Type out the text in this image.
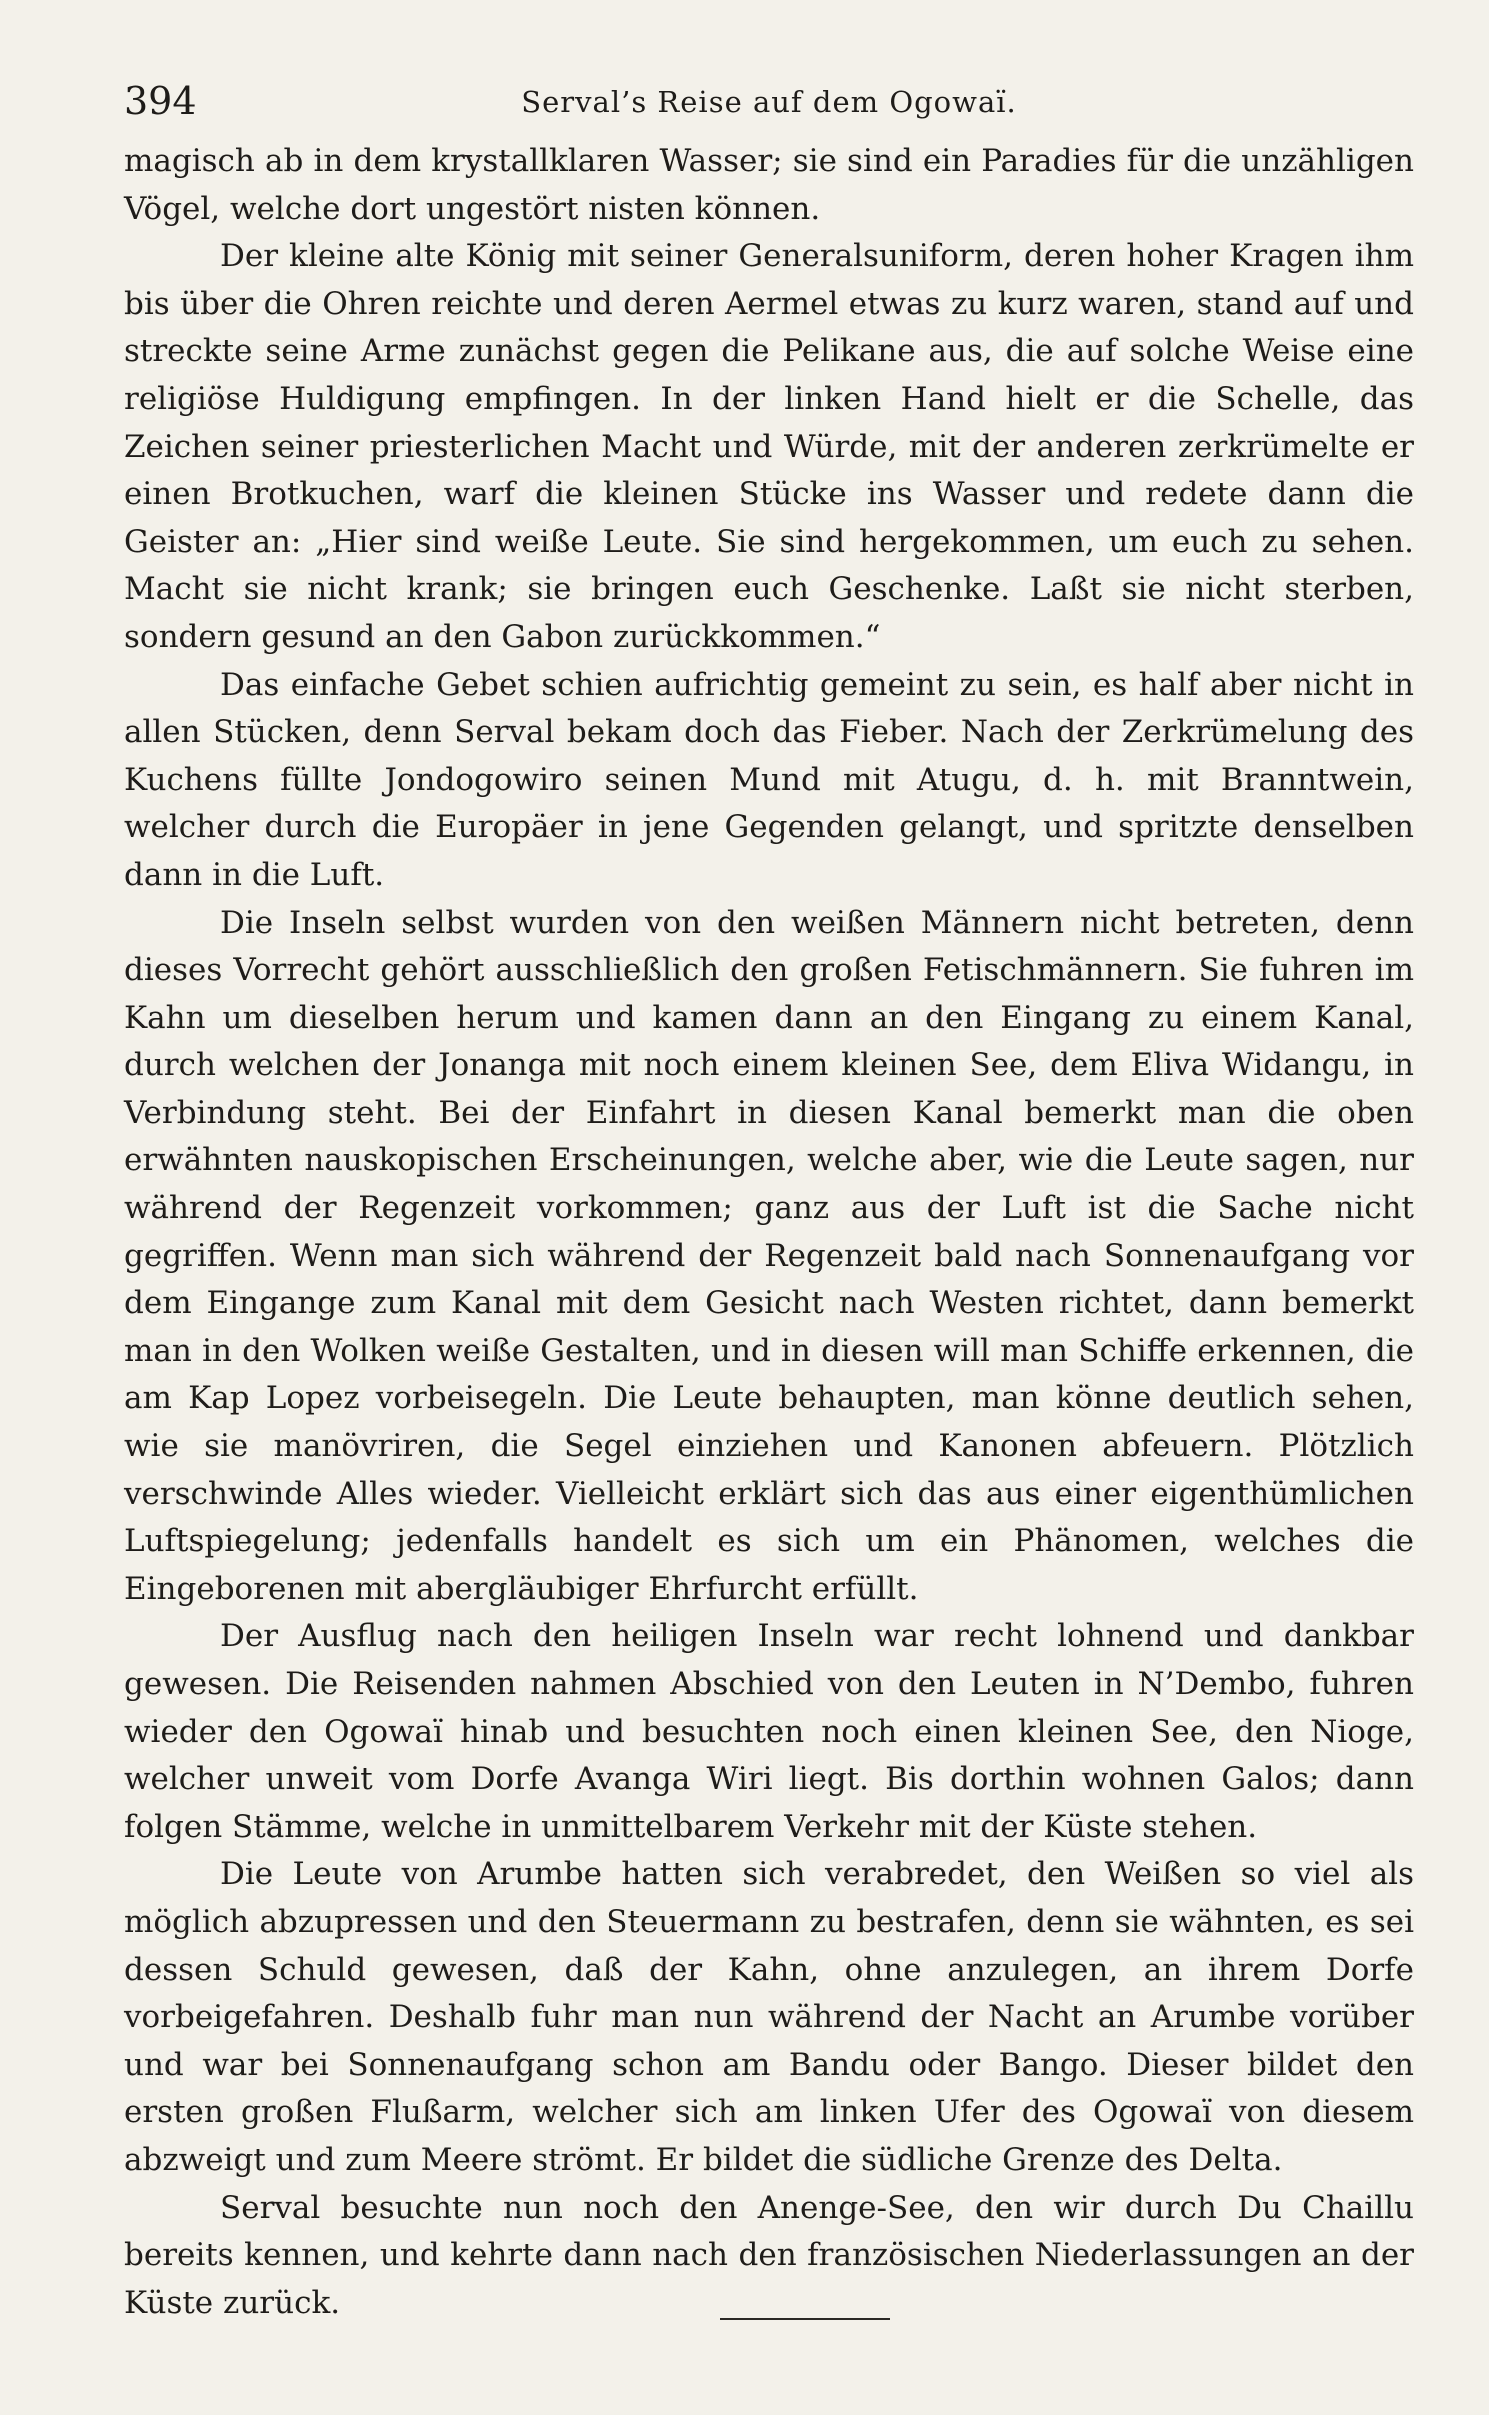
394	Serval’s Reise auf dem Ogowaï.

magisch ab in dem krystallklaren Wasser; sie sind ein Paradies für die unzähligen Vögel, welche dort ungestört nisten können.

Der kleine alte König mit seiner Generalsuniform, deren hoher Kragen ihm bis über die Ohren reichte und deren Aermel etwas zu kurz waren, stand auf und streckte seine Arme zunächst gegen die Pelikane aus, die auf solche Weise eine religiöse Huldigung empfingen. In der linken Hand hielt er die Schelle, das Zeichen seiner priesterlichen Macht und Würde, mit der anderen zerkrümelte er einen Brotkuchen, warf die kleinen Stücke ins Wasser und redete dann die Geister an: „Hier sind weiße Leute. Sie sind hergekommen, um euch zu sehen. Macht sie nicht krank; sie bringen euch Geschenke. Laßt sie nicht sterben, sondern gesund an den Gabon zurückkommen.“

Das einfache Gebet schien aufrichtig gemeint zu sein, es half aber nicht in allen Stücken, denn Serval bekam doch das Fieber. Nach der Zerkrümelung des Kuchens füllte Jondogowiro seinen Mund mit Atugu, d. h. mit Branntwein, welcher durch die Europäer in jene Gegenden gelangt, und spritzte denselben dann in die Luft.

Die Inseln selbst wurden von den weißen Männern nicht betreten, denn dieses Vorrecht gehört ausschließlich den großen Fetischmännern. Sie fuhren im Kahn um dieselben herum und kamen dann an den Eingang zu einem Kanal, durch welchen der Jonanga mit noch einem kleinen See, dem Eliva Widangu, in Verbindung steht. Bei der Einfahrt in diesen Kanal bemerkt man die oben erwähnten nauskopischen Erscheinungen, welche aber, wie die Leute sagen, nur während der Regenzeit vorkommen; ganz aus der Luft ist die Sache nicht gegriffen. Wenn man sich während der Regenzeit bald nach Sonnenaufgang vor dem Eingange zum Kanal mit dem Gesicht nach Westen richtet, dann bemerkt man in den Wolken weiße Gestalten, und in diesen will man Schiffe erkennen, die am Kap Lopez vorbeisegeln. Die Leute behaupten, man könne deutlich sehen, wie sie manövriren, die Segel einziehen und Kanonen abfeuern. Plötzlich verschwinde Alles wieder. Vielleicht erklärt sich das aus einer eigenthümlichen Luftspiegelung; jedenfalls handelt es sich um ein Phänomen, welches die Eingeborenen mit abergläubiger Ehrfurcht erfüllt.

Der Ausflug nach den heiligen Inseln war recht lohnend und dankbar gewesen. Die Reisenden nahmen Abschied von den Leuten in N’Dembo, fuhren wieder den Ogowaï hinab und besuchten noch einen kleinen See, den Nioge, welcher unweit vom Dorfe Avanga Wiri liegt. Bis dorthin wohnen Galos; dann folgen Stämme, welche in unmittelbarem Verkehr mit der Küste stehen.

Die Leute von Arumbe hatten sich verabredet, den Weißen so viel als möglich abzupressen und den Steuermann zu bestrafen, denn sie wähnten, es sei dessen Schuld gewesen, daß der Kahn, ohne anzulegen, an ihrem Dorfe vorbeigefahren. Deshalb fuhr man nun während der Nacht an Arumbe vorüber und war bei Sonnenaufgang schon am Bandu oder Bango. Dieser bildet den ersten großen Flußarm, welcher sich am linken Ufer des Ogowaï von diesem abzweigt und zum Meere strömt. Er bildet die südliche Grenze des Delta.

Serval besuchte nun noch den Anenge-See, den wir durch Du Chaillu bereits kennen, und kehrte dann nach den französischen Niederlassungen an der Küste zurück.
